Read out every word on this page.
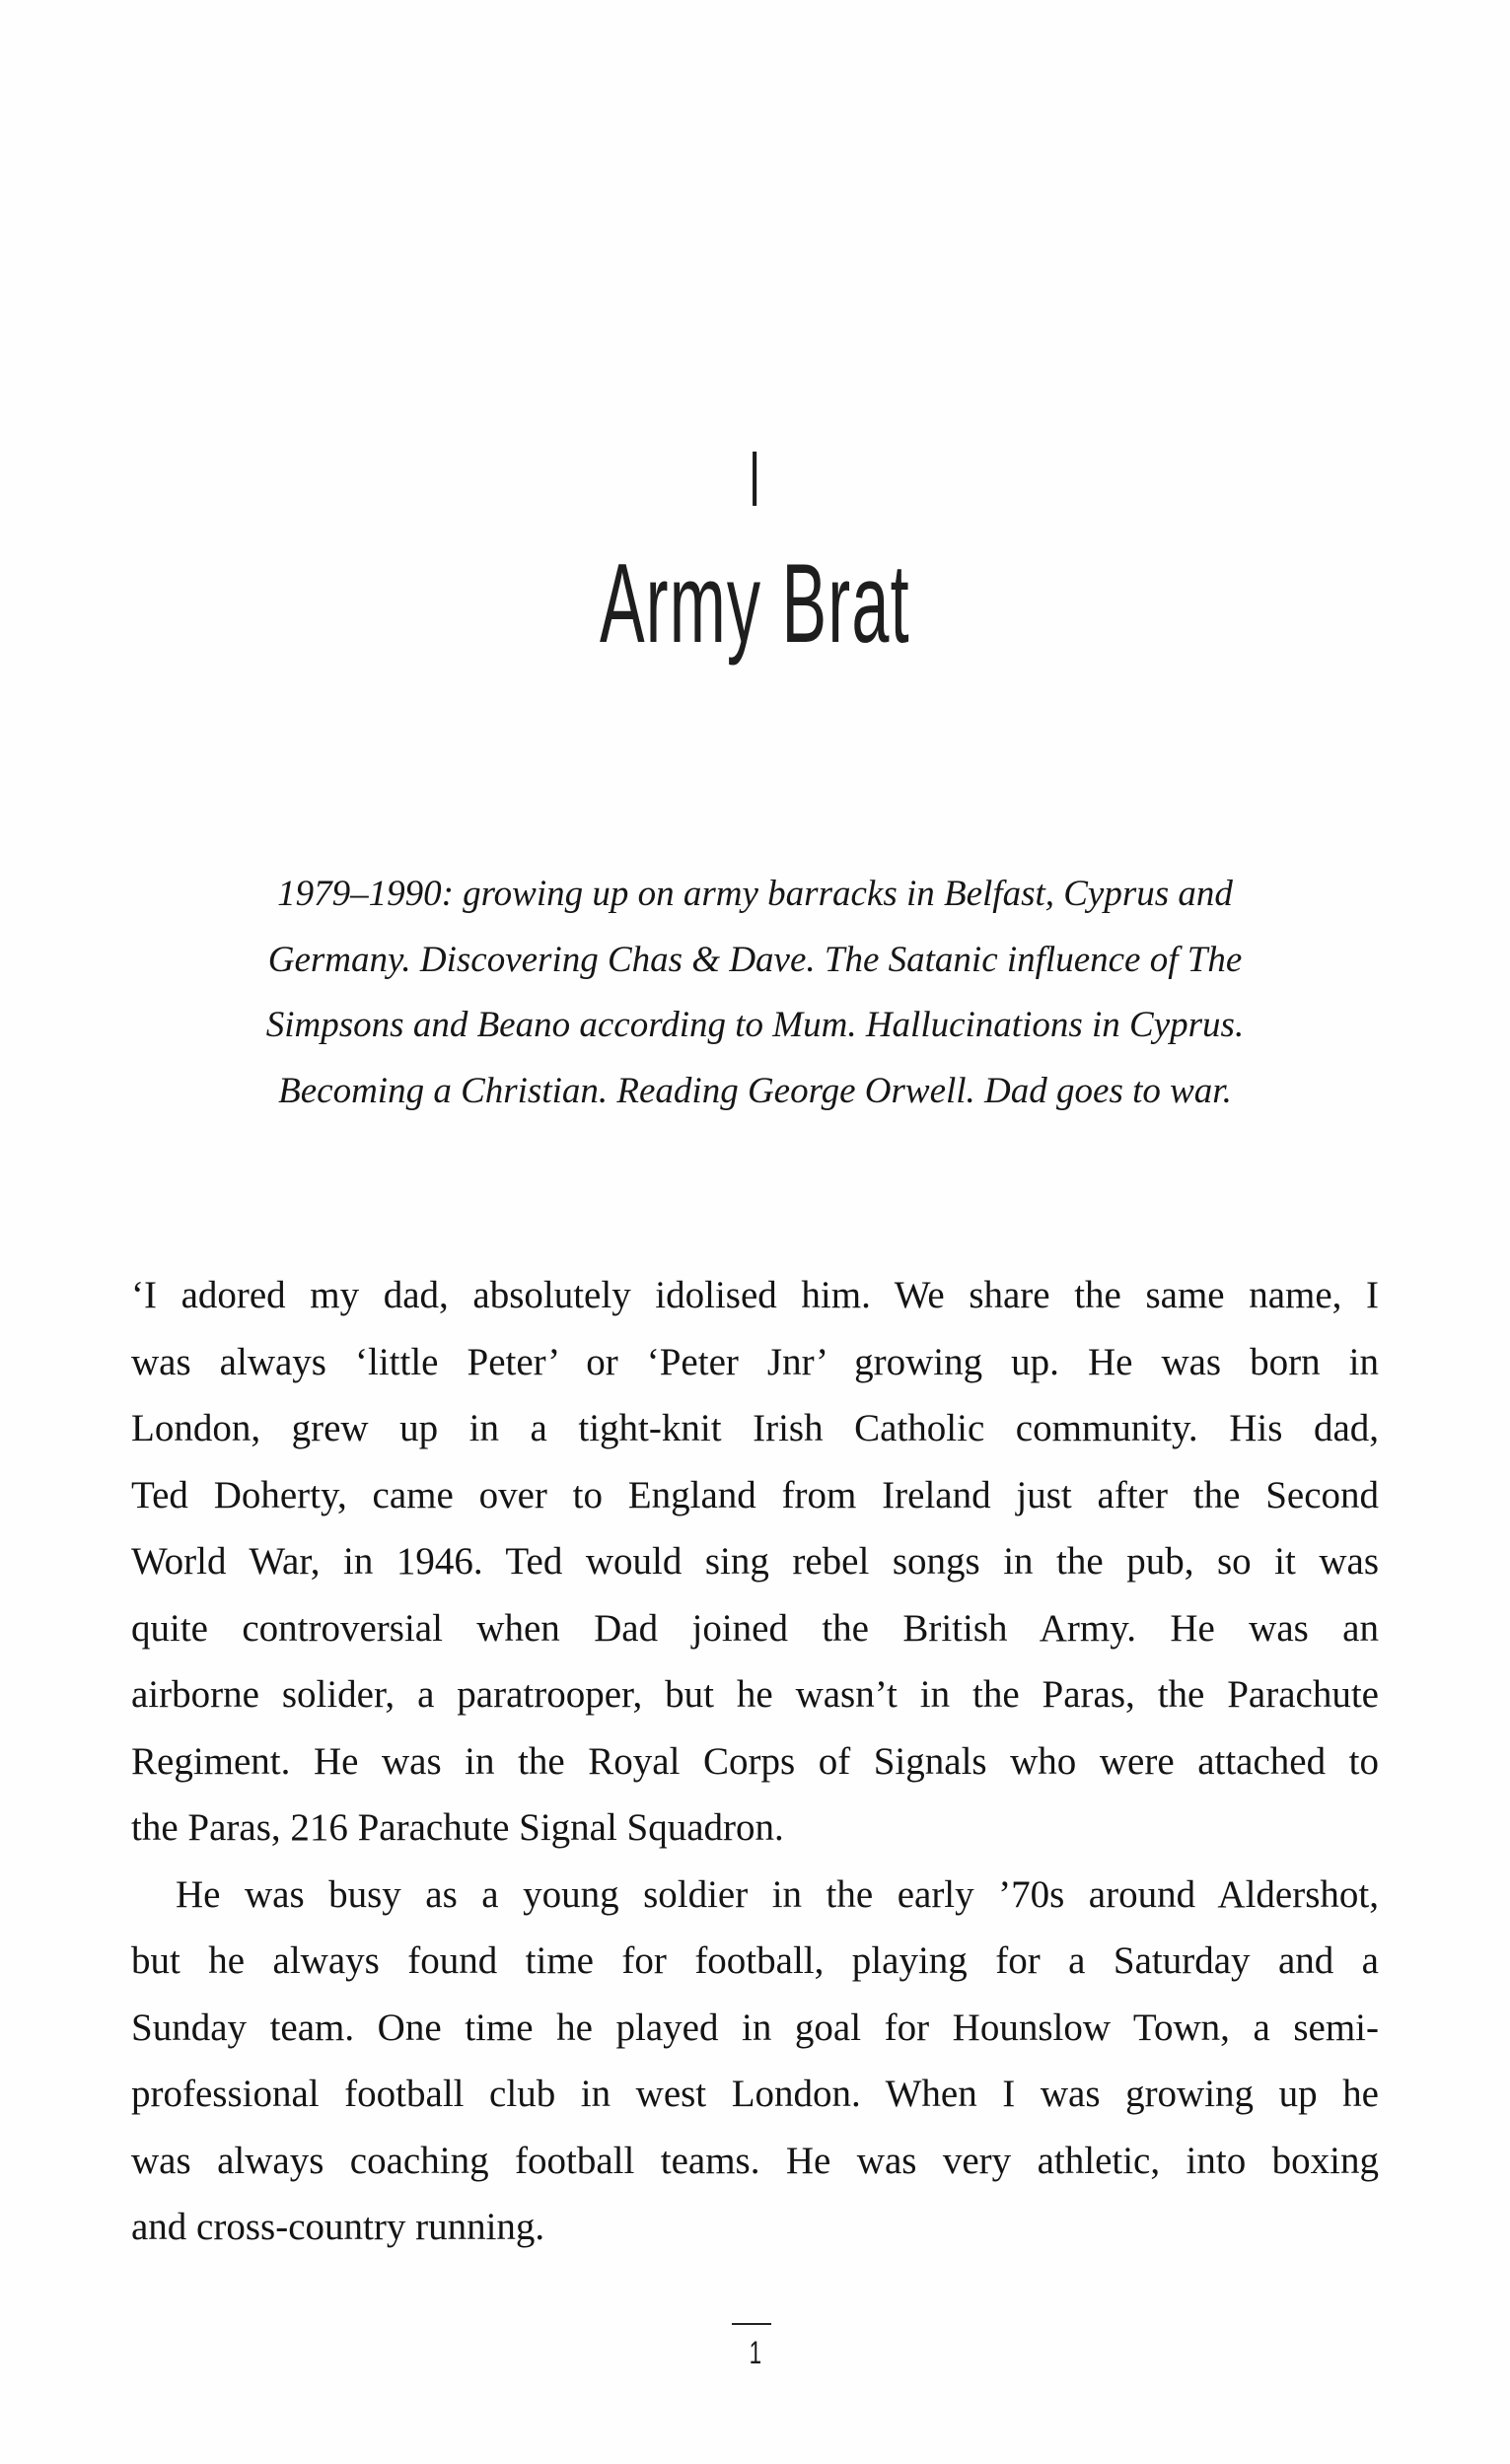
I
Army Brat
1979–1990: growing up on army barracks in Belfast, Cyprus and
Germany. Discovering Chas & Dave. The Satanic influence of The
Simpsons and Beano according to Mum. Hallucinations in Cyprus.
Becoming a Christian. Reading George Orwell. Dad goes to war.
‘I adored my dad, absolutely idolised him. We share the same name, I
was always ‘little Peter’ or ‘Peter Jnr’ growing up. He was born in
London, grew up in a tight-knit Irish Catholic community. His dad,
Ted Doherty, came over to England from Ireland just after the Second
World War, in 1946. Ted would sing rebel songs in the pub, so it was
quite controversial when Dad joined the British Army. He was an
airborne solider, a paratrooper, but he wasn’t in the Paras, the Parachute
Regiment. He was in the Royal Corps of Signals who were attached to
the Paras, 216 Parachute Signal Squadron.
He was busy as a young soldier in the early ’70s around Aldershot,
but he always found time for football, playing for a Saturday and a
Sunday team. One time he played in goal for Hounslow Town, a semi-
professional football club in west London. When I was growing up he
was always coaching football teams. He was very athletic, into boxing
and cross-country running.
1
